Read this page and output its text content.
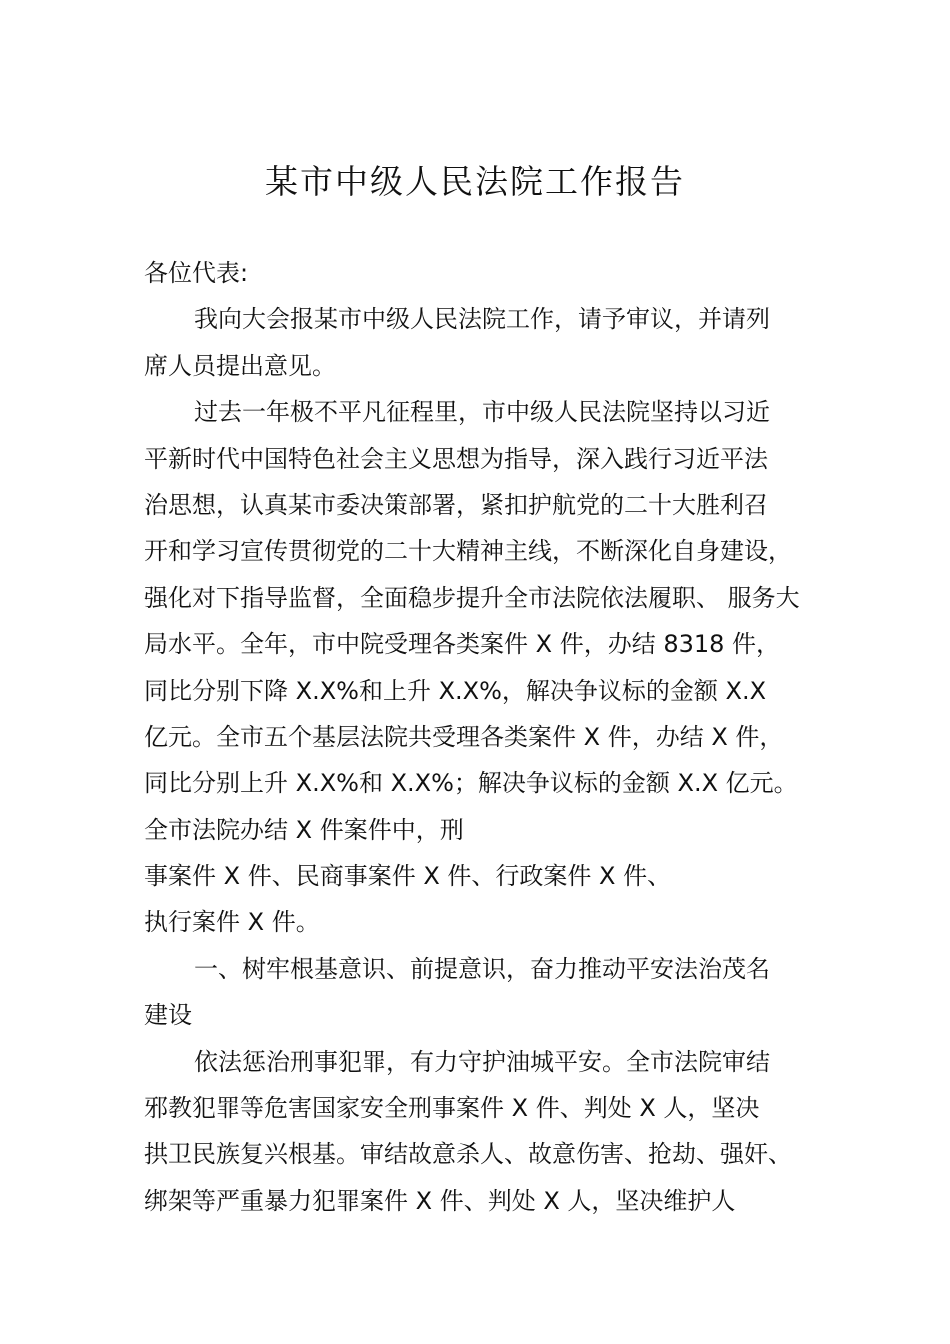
某市中级人民法院工作报告
各位代表:
我向大会报某市中级人民法院工作，请予审议，并请列
席人员提出意见。
过去一年极不平凡征程里，市中级人民法院坚持以习近
平新时代中国特色社会主义思想为指导，深入践行习近平法
治思想，认真某市委决策部署，紧扣护航党的二十大胜利召
开和学习宣传贯彻党的二十大精神主线，不断深化自身建设，
强化对下指导监督，全面稳步提升全市法院依法履职、 服务大
局水平。全年，市中院受理各类案件 X 件，办结 8318 件，
同比分别下降 X.X%和上升 X.X%，解决争议标的金额 X.X
亿元。全市五个基层法院共受理各类案件 X 件，办结 X 件，
同比分别上升 X.X%和 X.X%；解决争议标的金额 X.X 亿元。
全市法院办结 X 件案件中，刑
事案件 X 件、民商事案件 X 件、行政案件 X 件、
执行案件 X 件。
一、树牢根基意识、前提意识，奋力推动平安法治茂名
建设
依法惩治刑事犯罪，有力守护油城平安。全市法院审结
邪教犯罪等危害国家安全刑事案件 X 件、判处 X 人，坚决
拱卫民族复兴根基。审结故意杀人、故意伤害、抢劫、强奸、
绑架等严重暴力犯罪案件 X 件、判处 X 人，坚决维护人
